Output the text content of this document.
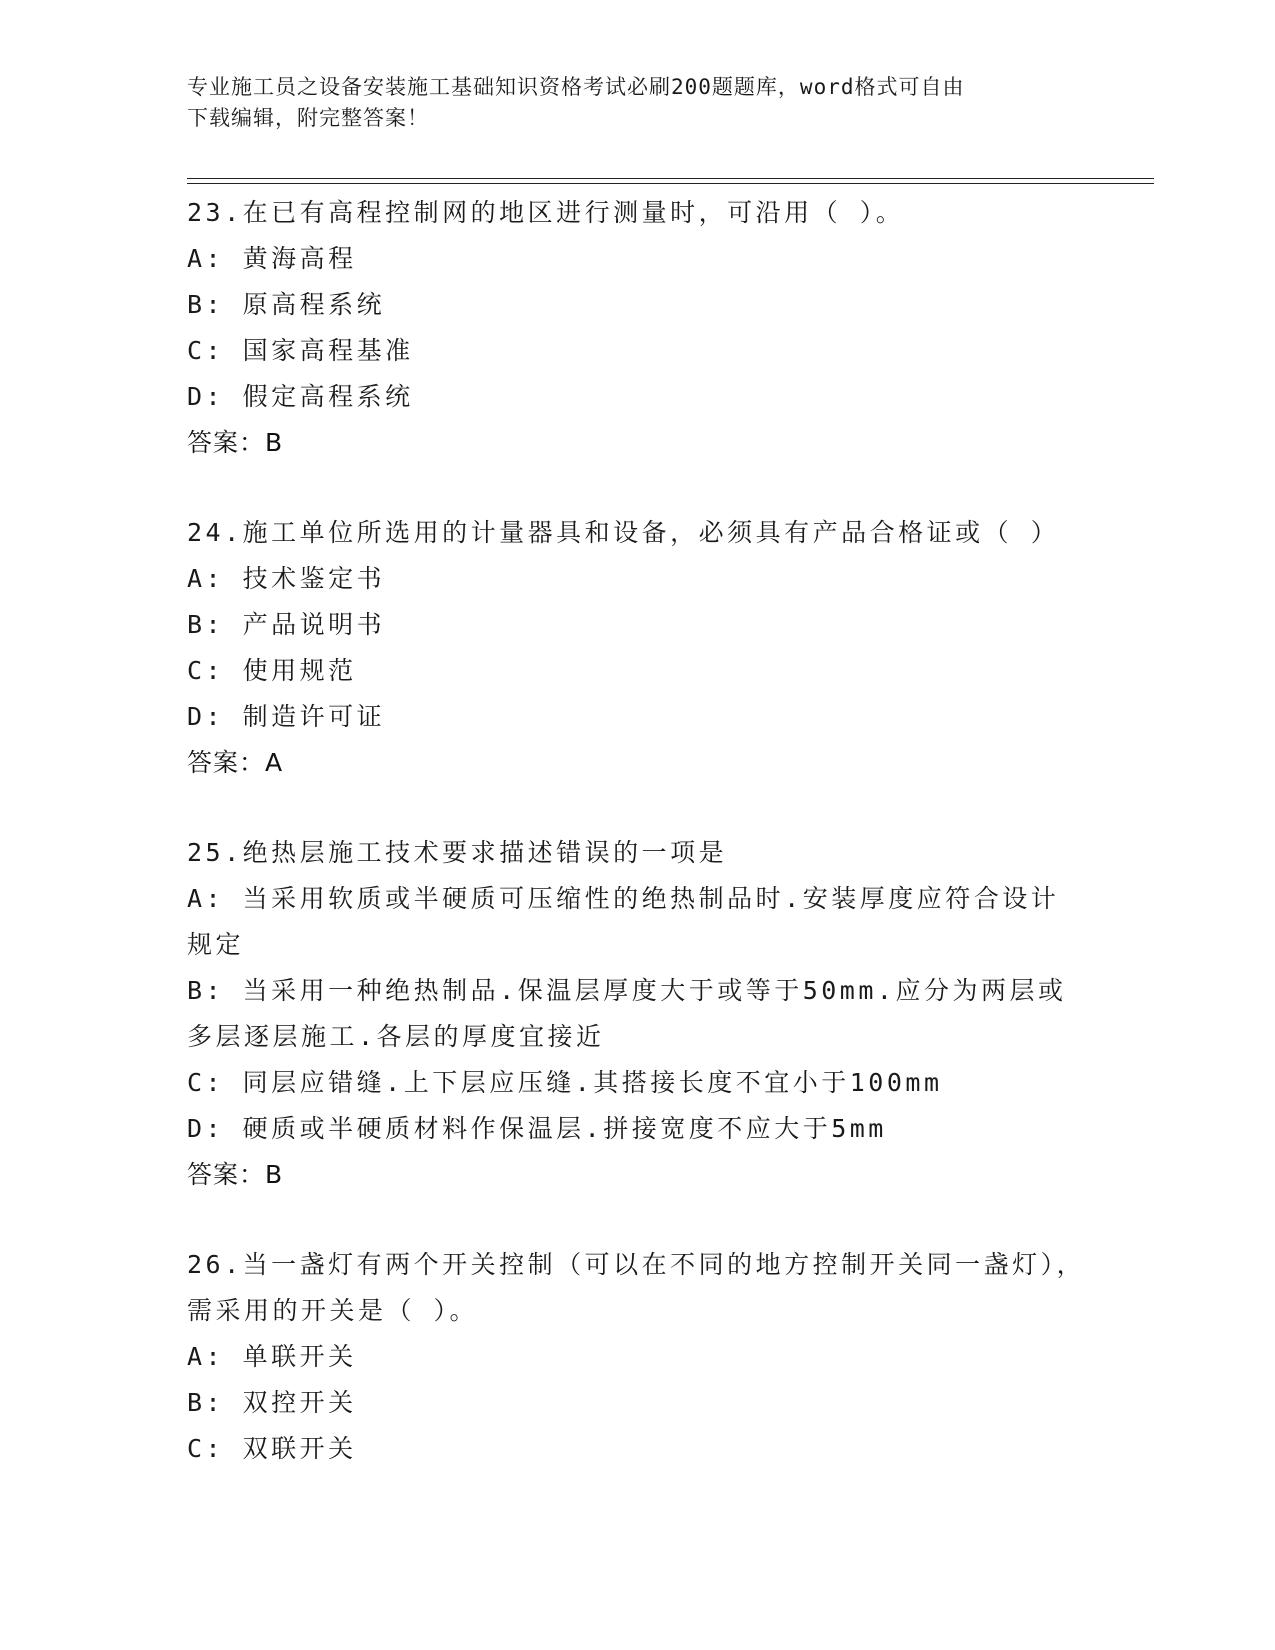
专业施工员之设备安装施工基础知识资格考试必刷200题题库，word格式可自由
下载编辑，附完整答案！
23.在已有高程控制网的地区进行测量时，可沿用（ ）。
A: 黄海高程
B: 原高程系统
C: 国家高程基准
D: 假定高程系统
答案：B
24.施工单位所选用的计量器具和设备，必须具有产品合格证或（ ）
A: 技术鉴定书
B: 产品说明书
C: 使用规范
D: 制造许可证
答案：A
25.绝热层施工技术要求描述错误的一项是
A: 当采用软质或半硬质可压缩性的绝热制品时.安装厚度应符合设计规定
B: 当采用一种绝热制品.保温层厚度大于或等于50mm.应分为两层或多层逐层施工.各层的厚度宜接近
C: 同层应错缝.上下层应压缝.其搭接长度不宜小于100mm
D: 硬质或半硬质材料作保温层.拼接宽度不应大于5mm
答案：B
26.当一盏灯有两个开关控制（可以在不同的地方控制开关同一盏灯），需采用的开关是（ ）。
A: 单联开关
B: 双控开关
C: 双联开关
